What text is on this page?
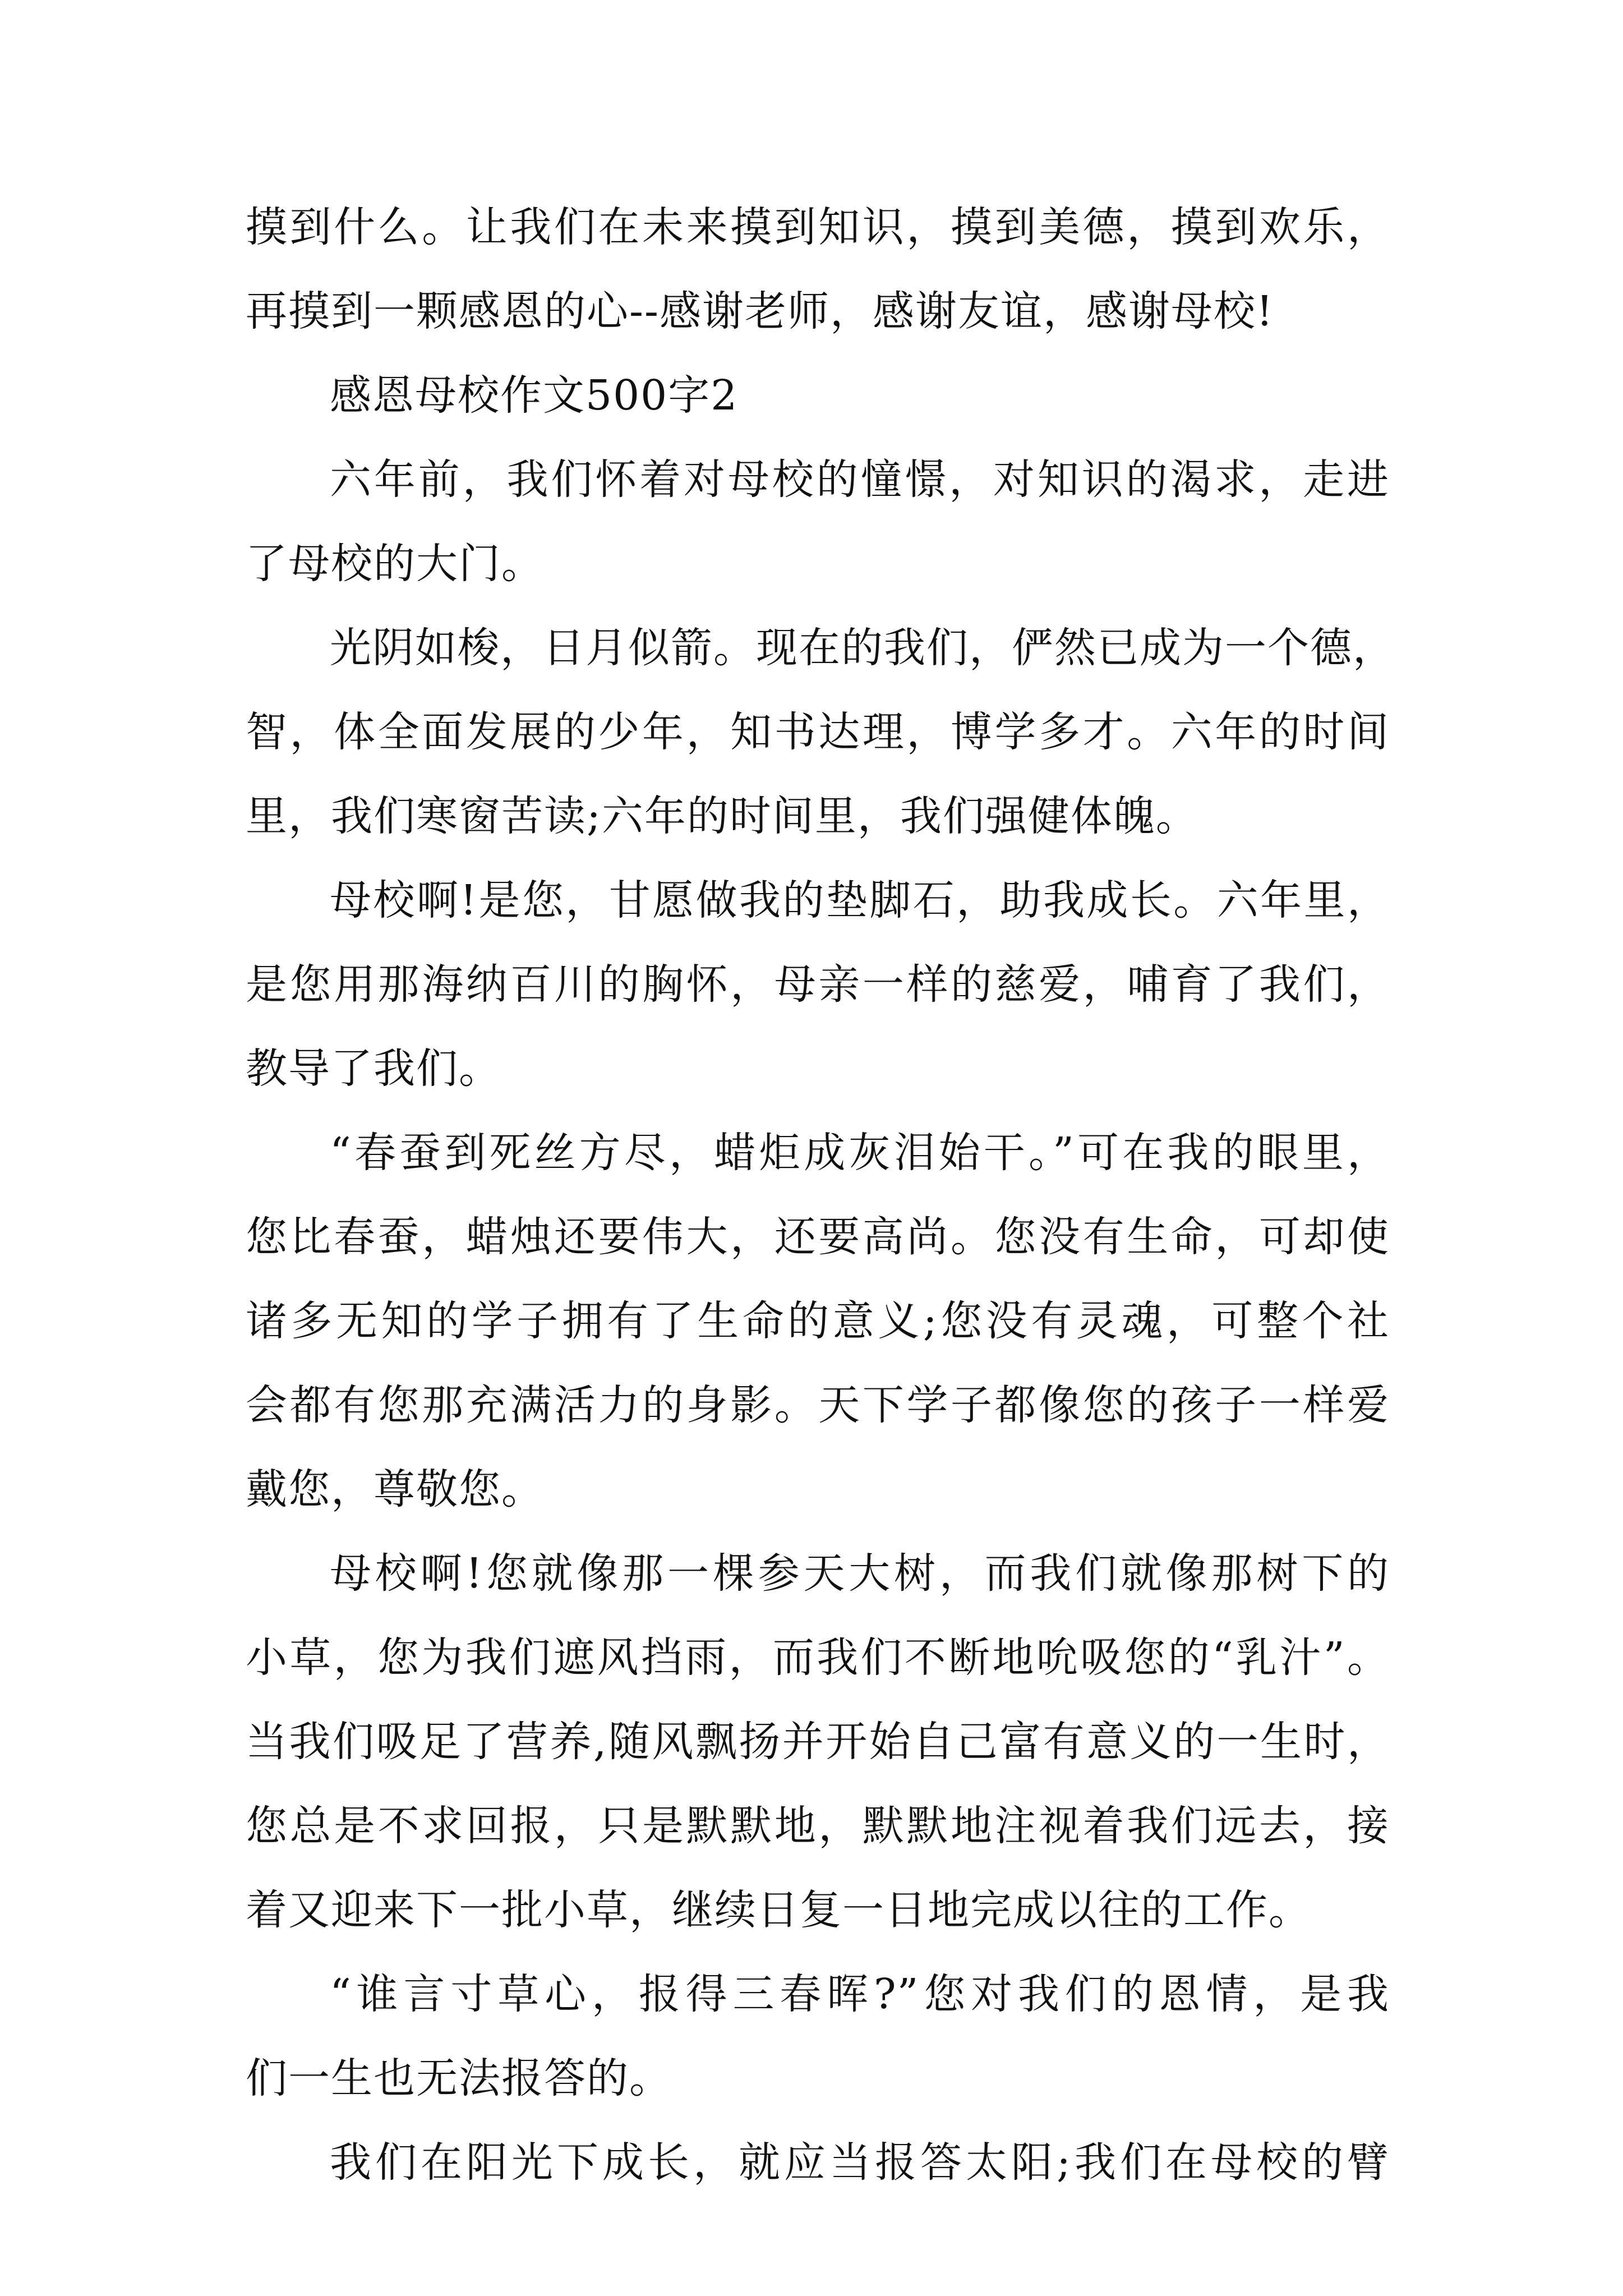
摸到什么。让我们在未来摸到知识，摸到美德，摸到欢乐，
再摸到一颗感恩的心--感谢老师，感谢友谊，感谢母校!
感恩母校作文500字2
六年前，我们怀着对母校的憧憬，对知识的渴求，走进
了母校的大门。
光阴如梭，日月似箭。现在的我们，俨然已成为一个德，
智，体全面发展的少年，知书达理，博学多才。六年的时间
里，我们寒窗苦读;六年的时间里，我们强健体魄。
母校啊!是您，甘愿做我的垫脚石，助我成长。六年里，
是您用那海纳百川的胸怀，母亲一样的慈爱，哺育了我们，
教导了我们。
“春蚕到死丝方尽，蜡炬成灰泪始干。”可在我的眼里，
您比春蚕，蜡烛还要伟大，还要高尚。您没有生命，可却使
诸多无知的学子拥有了生命的意义;您没有灵魂，可整个社
会都有您那充满活力的身影。天下学子都像您的孩子一样爱
戴您，尊敬您。
母校啊!您就像那一棵参天大树，而我们就像那树下的
小草，您为我们遮风挡雨，而我们不断地吮吸您的“乳汁”。
当我们吸足了营养,随风飘扬并开始自己富有意义的一生时，
您总是不求回报，只是默默地，默默地注视着我们远去，接
着又迎来下一批小草，继续日复一日地完成以往的工作。
“谁言寸草心，报得三春晖?”您对我们的恩情，是我
们一生也无法报答的。
我们在阳光下成长，就应当报答太阳;我们在母校的臂
